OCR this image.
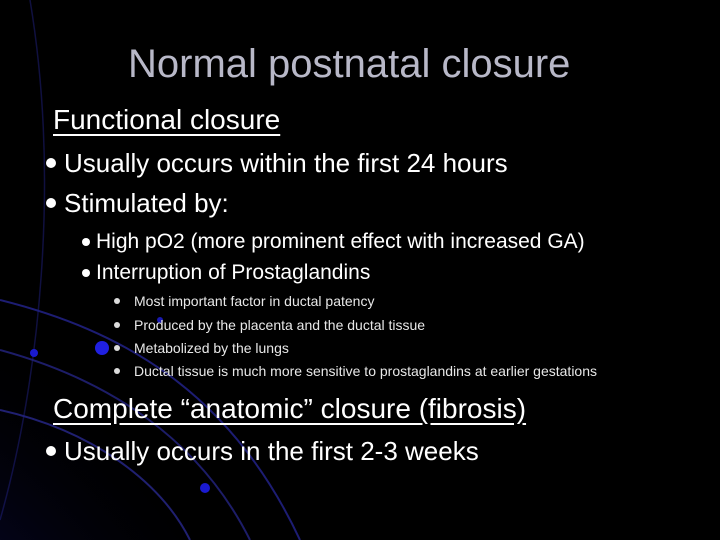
Normal postnatal closure
Functional closure
Usually occurs within the first 24 hours
Stimulated by:
High pO2 (more prominent effect with increased GA)
Interruption of Prostaglandins
Most important factor in ductal patency
Produced by the placenta and the ductal tissue
Metabolized by the lungs
Ductal tissue is much more sensitive to prostaglandins at earlier gestations
Complete “anatomic” closure (fibrosis)
Usually occurs in the first 2-3 weeks
